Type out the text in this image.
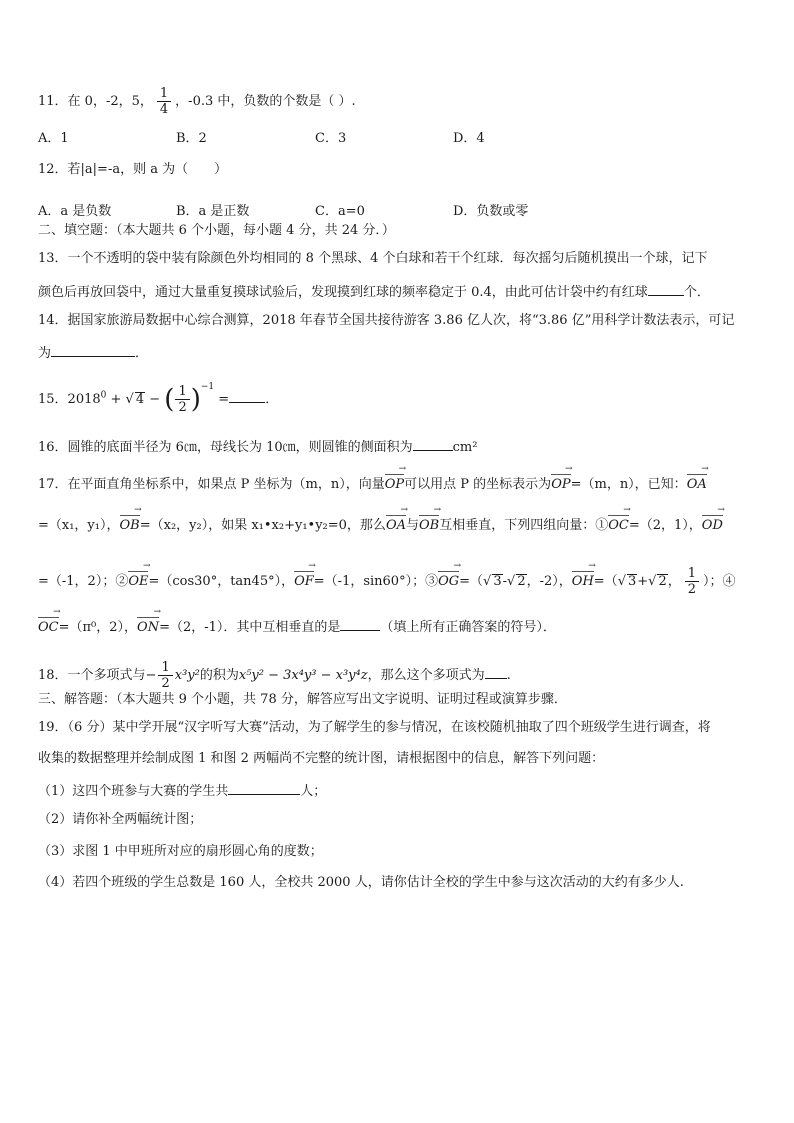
11．在 0，-2，5， $\frac{1}{4}$ ，-0.3 中，负数的个数是（ ）.
A．1	B．2	C．3	D．4
12．若|a|=-a，则 a 为（　　）
A．a 是负数	B．a 是正数	C．a=0	D．负数或零
二、填空题：（本大题共 6 个小题，每小题 4 分，共 24 分．）
13．一个不透明的袋中装有除颜色外均相同的 8 个黑球、4 个白球和若干个红球．每次摇匀后随机摸出一个球，记下
颜色后再放回袋中，通过大量重复摸球试验后，发现摸到红球的频率稳定于 0.4，由此可估计袋中约有红球	个．
14．据国家旅游局数据中心综合测算，2018 年春节全国共接待游客 3.86 亿人次，将“3.86 亿”用科学计数法表示，可记
为	．
15．$2018^0$ + √ 4 − ( $\frac{1}{2} )^{-1}$ =	．
16．圆锥的底面半径为 6㎝，母线长为 10㎝，则圆锥的侧面积为	cm²
17．在平面直角坐标系中，如果点 P 坐标为（m，n），向量OP →可以用点 P 的坐标表示为OP →=（m，n），已知：OA →
=（x₁，y₁），OB →=（x₂，y₂），如果 x₁•x₂+y₁•y₂=0，那么OA →与OB →互相垂直，下列四组向量：①OC →=（2，1），OD →
=（-1，2）；②OE →=（cos30°，tan45°），OF →=（-1，sin60°）；③OG →=（√ 3-√ 2，-2），OH →=（√ 3+√ 2， $\frac{1}{2}$ ）；④
OC →=（π⁰，2），ON →=（2，-1）．其中互相垂直的是	（填上所有正确答案的符号）．
18．一个多项式与− $\frac{1}{2} x^3y^2$的积为x⁵y² − 3x⁴y³ − x³y⁴z，那么这个多项式为 .
三、解答题：（本大题共 9 个小题，共 78 分，解答应写出文字说明、证明过程或演算步骤．
19．（6 分）某中学开展“汉字听写大赛”活动，为了解学生的参与情况，在该校随机抽取了四个班级学生进行调查，将
收集的数据整理并绘制成图 1 和图 2 两幅尚不完整的统计图，请根据图中的信息，解答下列问题：
（1）这四个班参与大赛的学生共	人；
（2）请你补全两幅统计图；
（3）求图 1 中甲班所对应的扇形圆心角的度数；
（4）若四个班级的学生总数是 160 人，全校共 2000 人，请你估计全校的学生中参与这次活动的大约有多少人.
